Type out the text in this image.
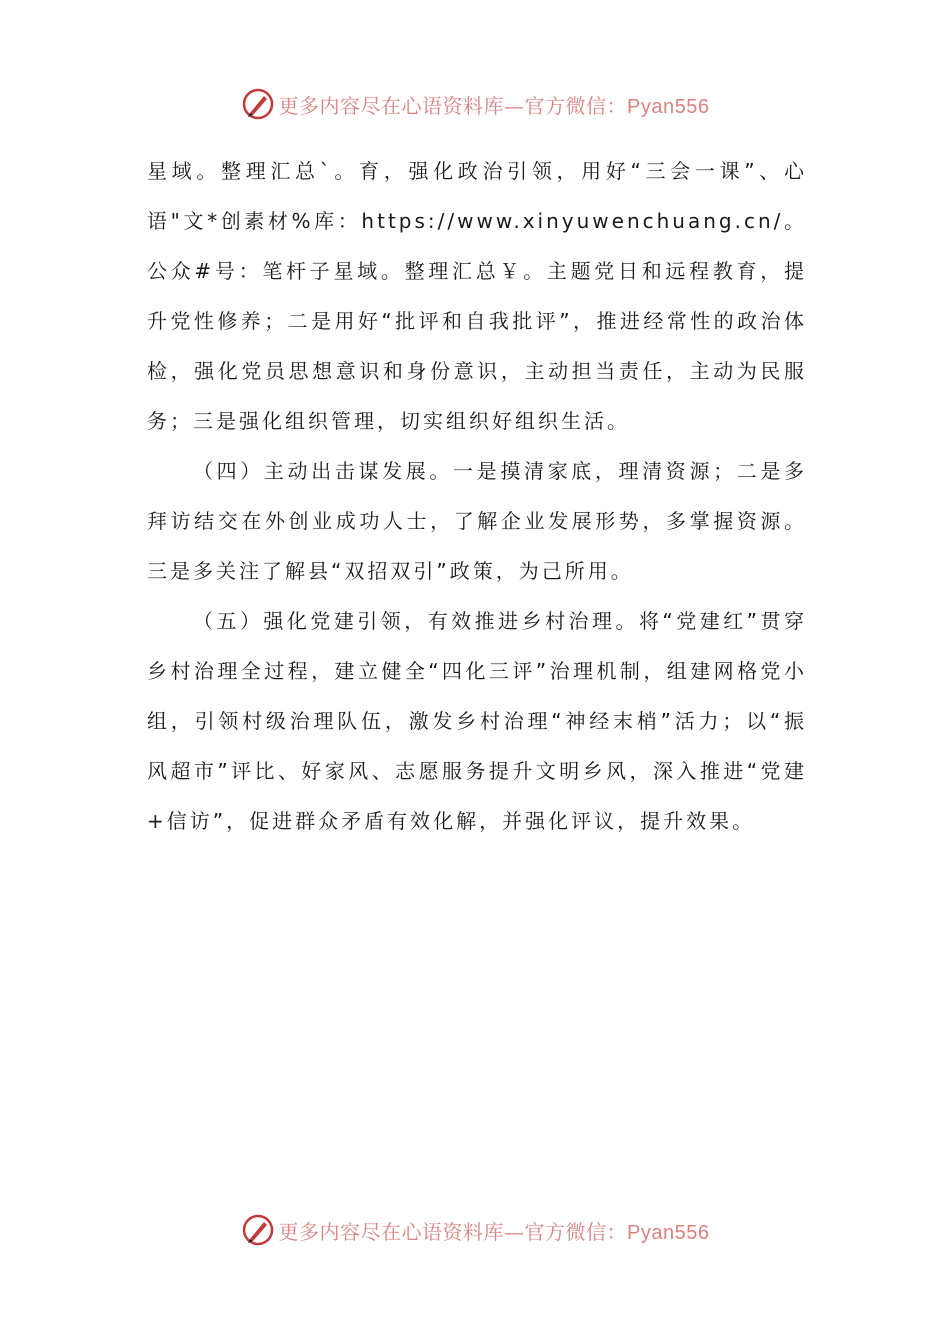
更多内容尽在心语资料库—官方微信：Pyan556

星域。整理汇总`。育，强化政治引领，用好“三会一课”、心语"文*创素材%库：https://www.xinyuwenchuang.cn/。公众#号：笔杆子星域。整理汇总￥。主题党日和远程教育，提升党性修养；二是用好“批评和自我批评”，推进经常性的政治体检，强化党员思想意识和身份意识，主动担当责任，主动为民服务；三是强化组织管理，切实组织好组织生活。

（四）主动出击谋发展。一是摸清家底，理清资源；二是多拜访结交在外创业成功人士，了解企业发展形势，多掌握资源。三是多关注了解县“双招双引”政策，为己所用。

（五）强化党建引领，有效推进乡村治理。将“党建红”贯穿乡村治理全过程，建立健全“四化三评”治理机制，组建网格党小组，引领村级治理队伍，激发乡村治理“神经末梢”活力；以“振风超市”评比、好家风、志愿服务提升文明乡风，深入推进“党建+信访”，促进群众矛盾有效化解，并强化评议，提升效果。

更多内容尽在心语资料库—官方微信：Pyan556
